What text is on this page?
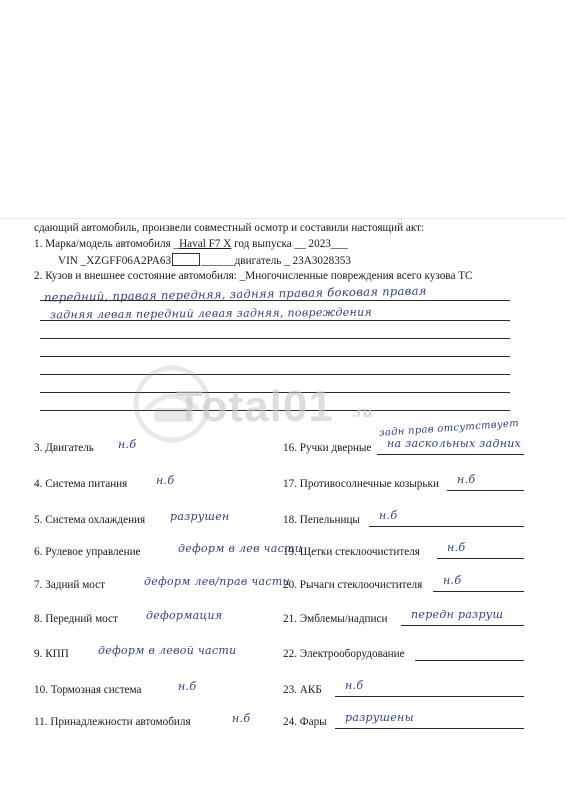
сдающий автомобиль, произвели совместный осмотр и составили настоящий акт:
1. Марка/модель автомобиля _Haval F7 X год выпуска __ 2023___
VIN _XZGFF06A2PA63	______двигатель _ 23A3028353
2. Кузов и внешнее состояние автомобиля: _Многочисленные повреждения всего кузова ТС
передний, правая передняя, задняя правая боковая правая
задняя левая передний левая задняя, повреждения
Total01 .ru
3. Двигатель н.б
4. Система питания	н.б
5. Система охлаждения разрушен
6. Рулевое управление	деформ в лев части
7. Задний мост	деформ лев/прав части
8. Передний мост	деформация
9. КПП	деформ в левой части
10. Тормозная система	н.б
11. Принадлежности автомобиля	н.б
16. Ручки дверные на заскольных задних
задн прав отсутствует
17. Противосолнечные козырьки н.б
18. Пепельницы н.б
19. Щетки стеклоочистителя н.б
20. Рычаги стеклоочистителя н.б
21. Эмблемы/надписи передн разруш
22. Электрооборудование
23. АКБ н.б
24. Фары разрушены
